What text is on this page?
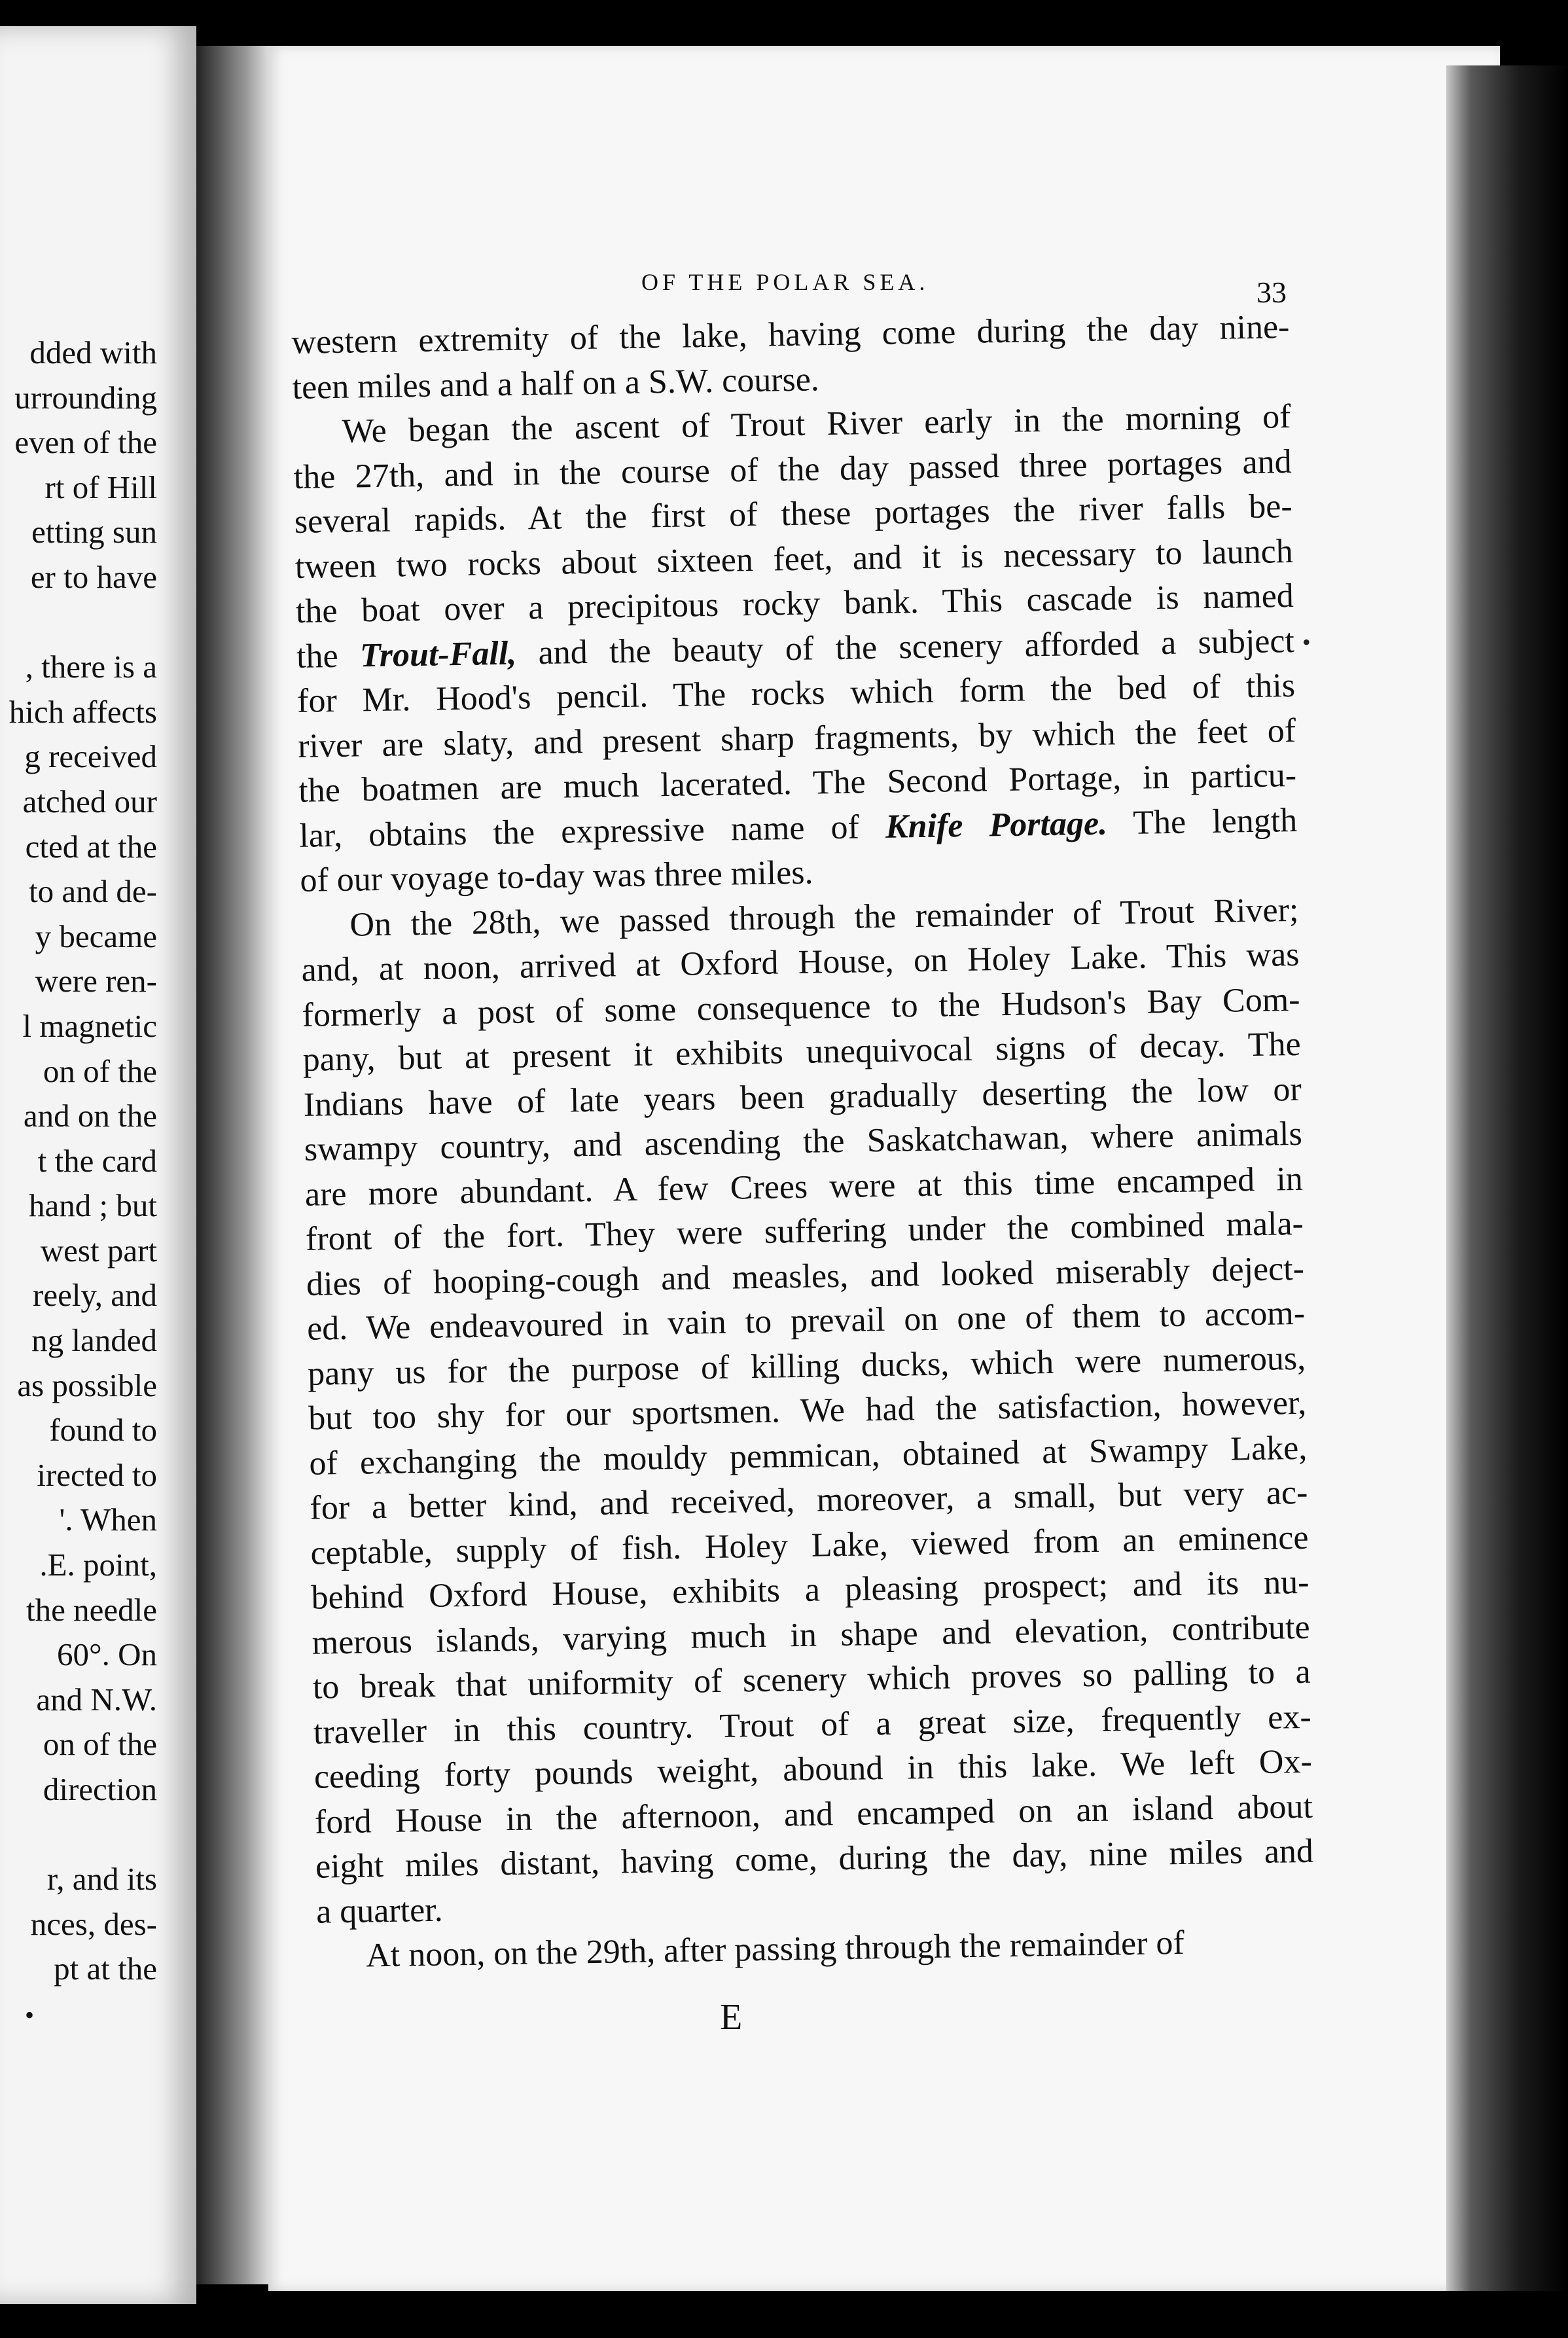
dded with
urrounding
even of the
rt of Hill
etting sun
er to have
, there is a
hich affects
g received
atched our
cted at the
to and de-
y became
were ren-
l magnetic
on of the
and on the
t the card
hand ; but
west part
reely, and
ng landed
as possible
found to
irected to
'. When
.E. point,
the needle
60°. On
and N.W.
on of the
direction
r, and its
nces, des-
pt at the
•
OF THE POLAR SEA.	33
•
western extremity of the lake, having come during the day nine-
teen miles and a half on a S.W. course.
We began the ascent of Trout River early in the morning of
the 27th, and in the course of the day passed three portages and
several rapids. At the first of these portages the river falls be-
tween two rocks about sixteen feet, and it is necessary to launch
the boat over a precipitous rocky bank. This cascade is named
the Trout-Fall, and the beauty of the scenery afforded a subject
for Mr. Hood's pencil. The rocks which form the bed of this
river are slaty, and present sharp fragments, by which the feet of
the boatmen are much lacerated. The Second Portage, in particu-
lar, obtains the expressive name of Knife Portage. The length
of our voyage to-day was three miles.
On the 28th, we passed through the remainder of Trout River;
and, at noon, arrived at Oxford House, on Holey Lake. This was
formerly a post of some consequence to the Hudson's Bay Com-
pany, but at present it exhibits unequivocal signs of decay. The
Indians have of late years been gradually deserting the low or
swampy country, and ascending the Saskatchawan, where animals
are more abundant. A few Crees were at this time encamped in
front of the fort. They were suffering under the combined mala-
dies of hooping-cough and measles, and looked miserably deject-
ed. We endeavoured in vain to prevail on one of them to accom-
pany us for the purpose of killing ducks, which were numerous,
but too shy for our sportsmen. We had the satisfaction, however,
of exchanging the mouldy pemmican, obtained at Swampy Lake,
for a better kind, and received, moreover, a small, but very ac-
ceptable, supply of fish. Holey Lake, viewed from an eminence
behind Oxford House, exhibits a pleasing prospect; and its nu-
merous islands, varying much in shape and elevation, contribute
to break that uniformity of scenery which proves so palling to a
traveller in this country. Trout of a great size, frequently ex-
ceeding forty pounds weight, abound in this lake. We left Ox-
ford House in the afternoon, and encamped on an island about
eight miles distant, having come, during the day, nine miles and
a quarter.
At noon, on the 29th, after passing through the remainder of
E
